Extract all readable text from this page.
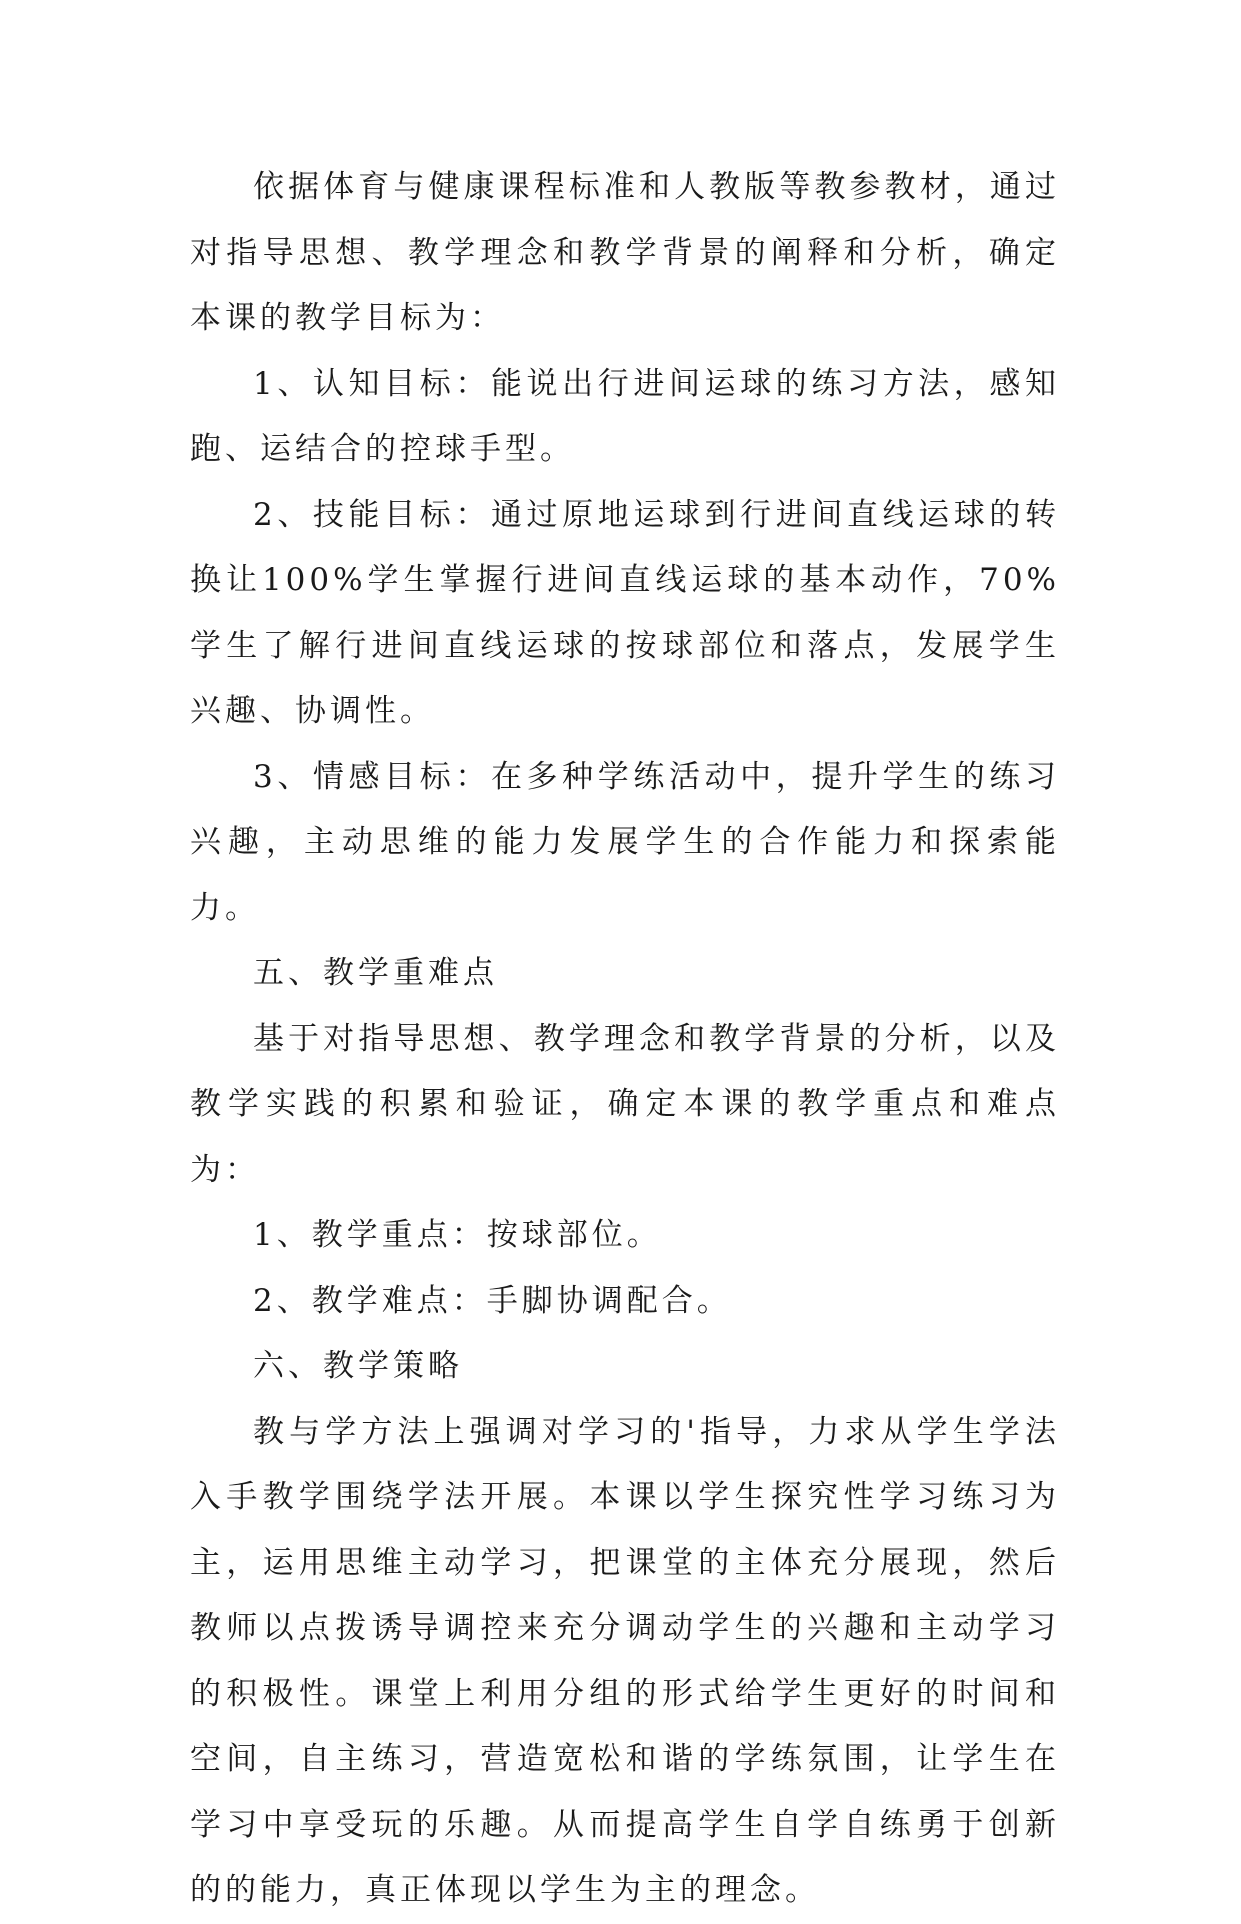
依据体育与健康课程标准和人教版等教参教材，通过对指导思想、教学理念和教学背景的阐释和分析，确定本课的教学目标为：

1、认知目标：能说出行进间运球的练习方法，感知跑、运结合的控球手型。

2、技能目标：通过原地运球到行进间直线运球的转换让100%学生掌握行进间直线运球的基本动作，70%学生了解行进间直线运球的按球部位和落点，发展学生兴趣、协调性。

3、情感目标：在多种学练活动中，提升学生的练习兴趣，主动思维的能力发展学生的合作能力和探索能力。

五、教学重难点

基于对指导思想、教学理念和教学背景的分析，以及教学实践的积累和验证，确定本课的教学重点和难点为：

1、教学重点：按球部位。

2、教学难点：手脚协调配合。

六、教学策略

教与学方法上强调对学习的'指导，力求从学生学法入手教学围绕学法开展。本课以学生探究性学习练习为主，运用思维主动学习，把课堂的主体充分展现，然后教师以点拨诱导调控来充分调动学生的兴趣和主动学习的积极性。课堂上利用分组的形式给学生更好的时间和空间，自主练习，营造宽松和谐的学练氛围，让学生在学习中享受玩的乐趣。从而提高学生自学自练勇于创新的的能力，真正体现以学生为主的理念。
